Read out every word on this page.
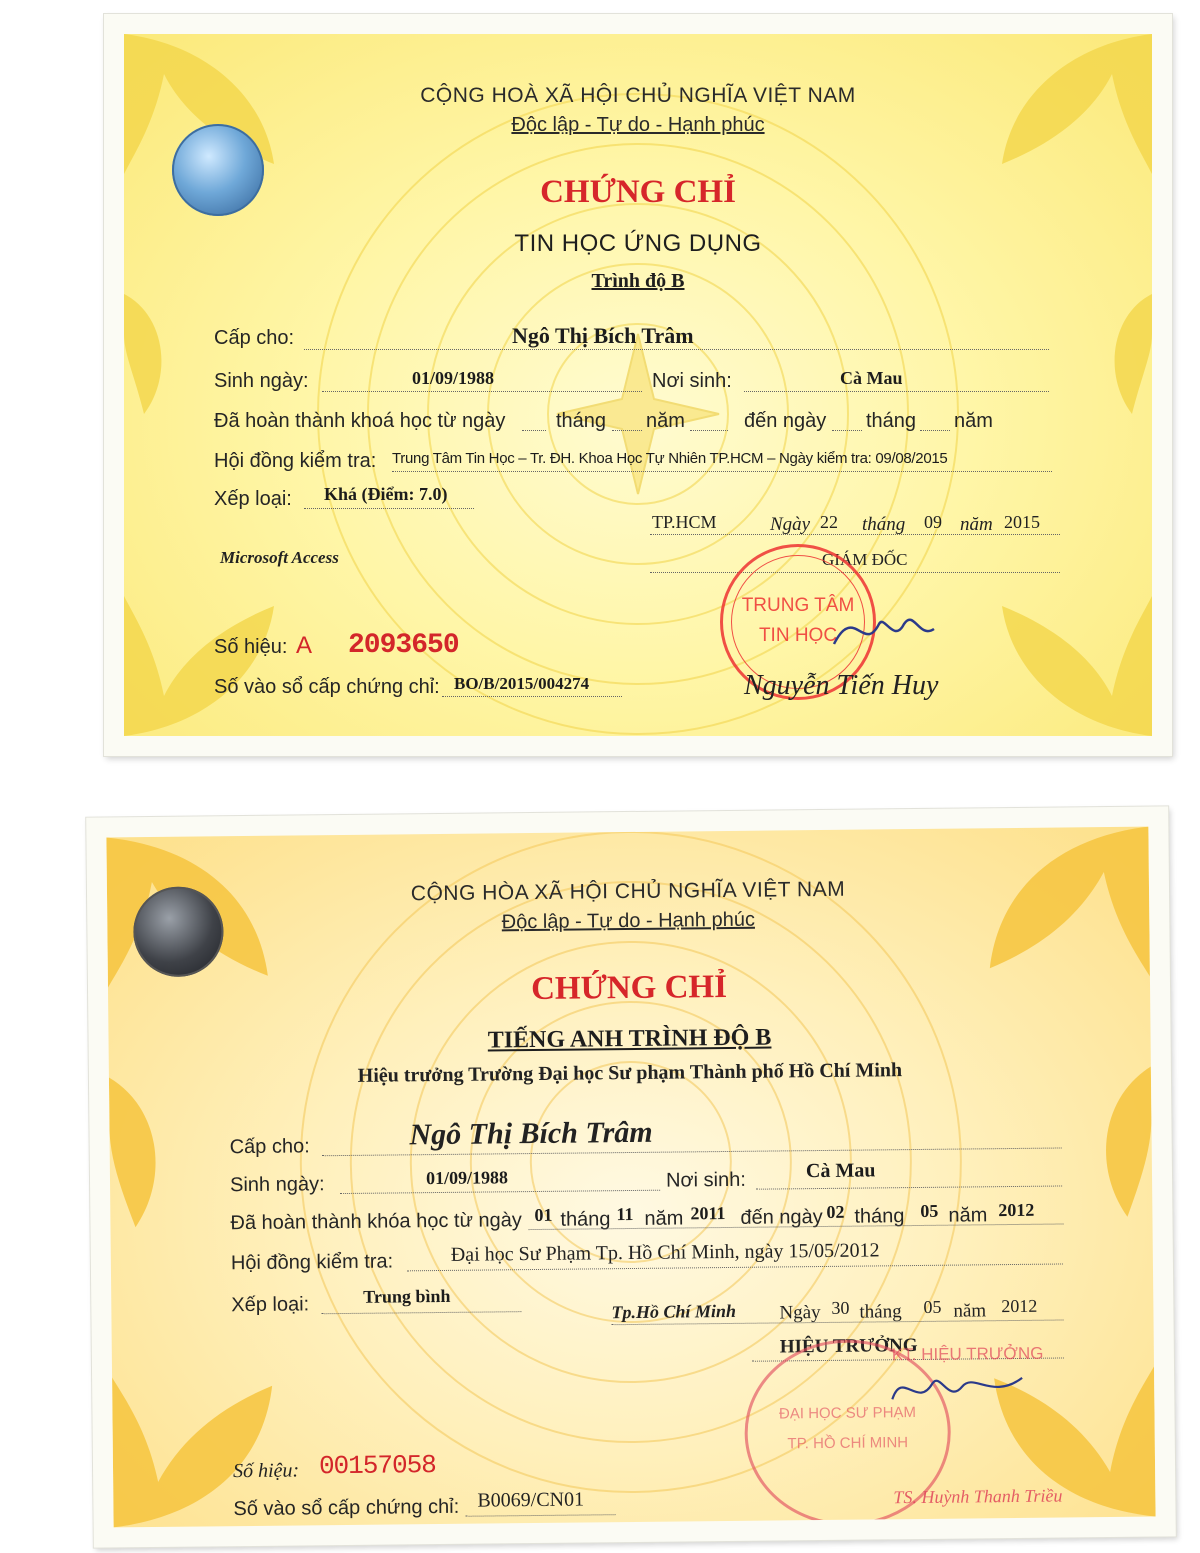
CỘNG HOÀ XÃ HỘI CHỦ NGHĨA VIỆT NAM
Độc lập - Tự do - Hạnh phúc
CHỨNG CHỈ
TIN HỌC ỨNG DỤNG
Trình độ B
Cấp cho:	Ngô Thị Bích Trâm
Sinh ngày:	01/09/1988	Nơi sinh:	Cà Mau
Đã hoàn thành khoá học từ ngày	tháng năm	đến ngày tháng năm
Hội đồng kiểm tra: Trung Tâm Tin Học – Tr. ĐH. Khoa Học Tự Nhiên TP.HCM – Ngày kiểm tra: 09/08/2015
Xếp loại: Khá (Điểm: 7.0)
TP.HCM	Ngày 22 tháng 09 năm 2015
Microsoft Access	GIÁM ĐỐC
TRUNG TÂM
TIN HỌC
Số hiệu: A 2093650
Số vào sổ cấp chứng chỉ: BO/B/2015/004274	Nguyễn Tiến Huy
CỘNG HÒA XÃ HỘI CHỦ NGHĨA VIỆT NAM
Độc lập - Tự do - Hạnh phúc
CHỨNG CHỈ
TIẾNG ANH TRÌNH ĐỘ B
Hiệu trưởng Trường Đại học Sư phạm Thành phố Hồ Chí Minh
Cấp cho:	Ngô Thị Bích Trâm
Sinh ngày:	01/09/1988	Nơi sinh:	Cà Mau
Đã hoàn thành khóa học từ ngày 01 tháng 11 năm 2011 đến ngày 02 tháng 05 năm 2012
Hội đồng kiểm tra:	Đại học Sư Phạm Tp. Hồ Chí Minh, ngày 15/05/2012
Xếp loại:	Trung bình
Tp.Hồ Chí Minh Ngày 30 tháng 05 năm 2012
HIỆU TRƯỞNG
ĐẠI HỌC SƯ PHẠM
TP. HỒ CHÍ MINH
KT. HIỆU TRƯỞNG
Số hiệu: 00157058
Số vào sổ cấp chứng chỉ: B0069/CN01	TS. Huỳnh Thanh Triều
